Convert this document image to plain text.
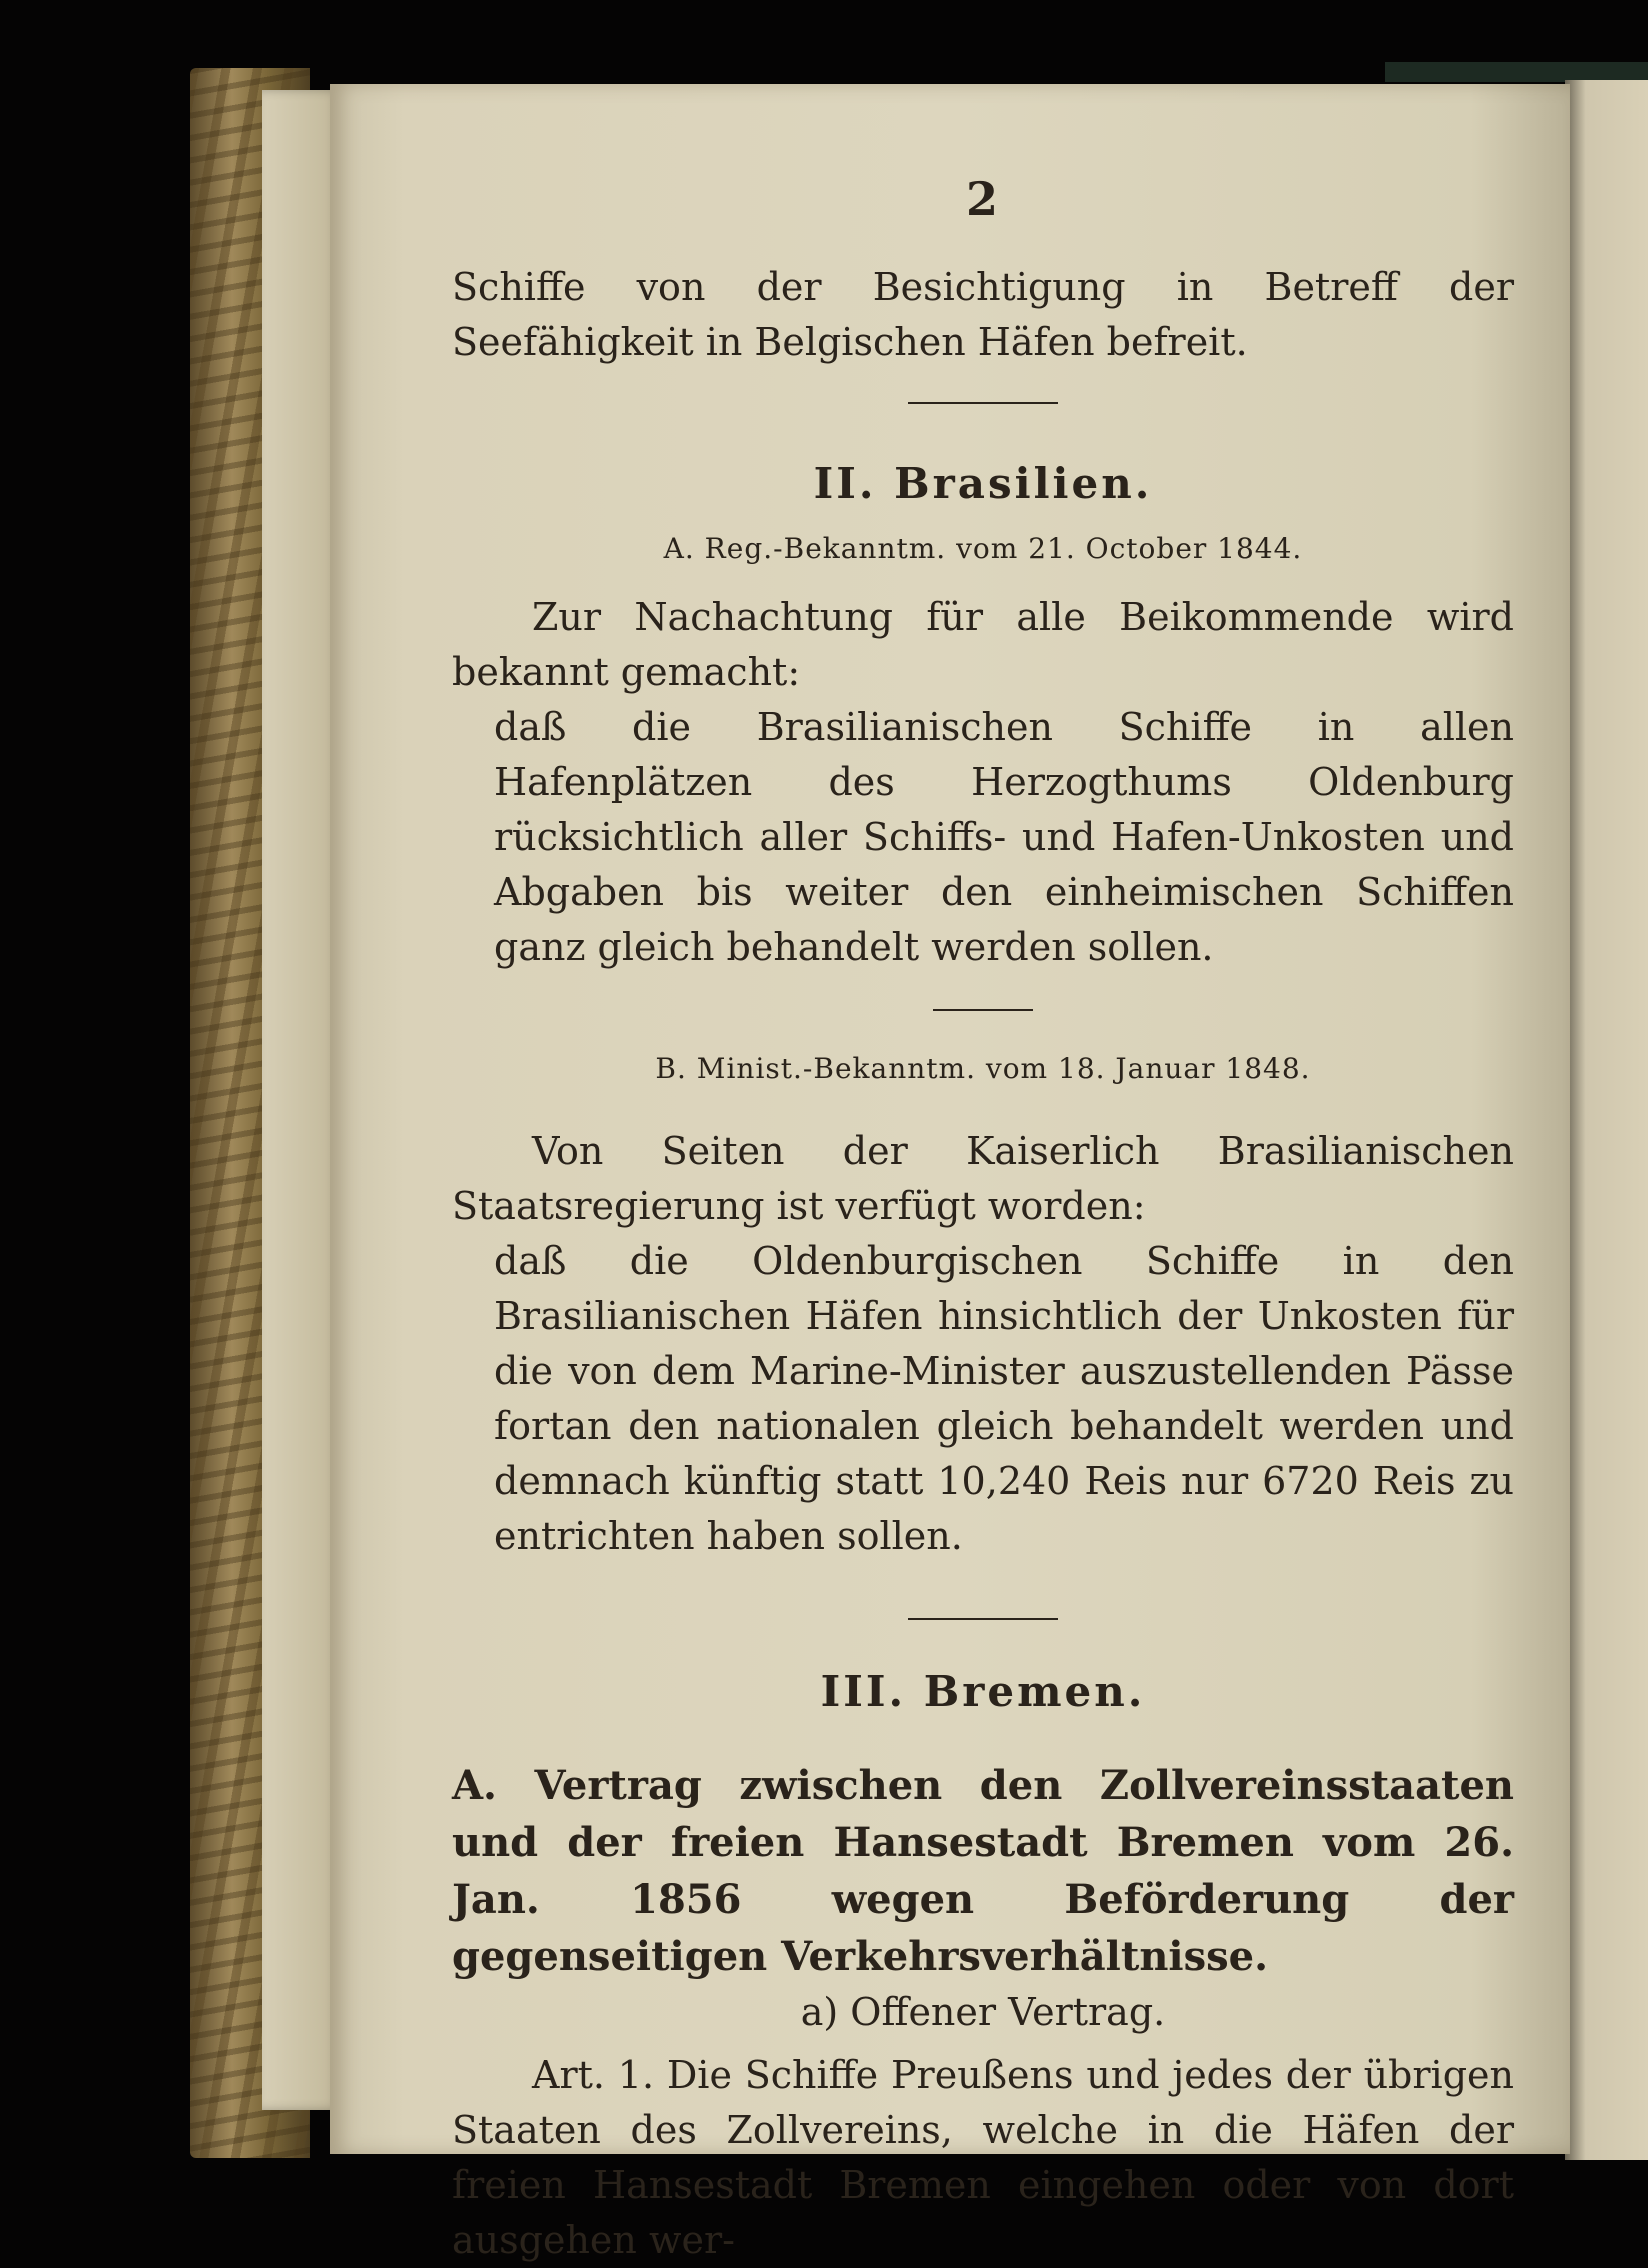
2

Schiffe von der Besichtigung in Betreff der Seefähigkeit in Belgischen Häfen befreit.

II. Brasilien.
A. Reg.-Bekanntm. vom 21. October 1844.

Zur Nachachtung für alle Beikommende wird bekannt gemacht:

daß die Brasilianischen Schiffe in allen Hafenplätzen des Herzogthums Oldenburg rücksichtlich aller Schiffs- und Hafen-Unkosten und Abgaben bis weiter den einheimischen Schiffen ganz gleich behandelt werden sollen.

B. Minist.-Bekanntm. vom 18. Januar 1848.

Von Seiten der Kaiserlich Brasilianischen Staatsregierung ist verfügt worden:

daß die Oldenburgischen Schiffe in den Brasilianischen Häfen hinsichtlich der Unkosten für die von dem Marine-Minister auszustellenden Pässe fortan den nationalen gleich behandelt werden und demnach künftig statt 10,240 Reis nur 6720 Reis zu entrichten haben sollen.

III. Bremen.

A. Vertrag zwischen den Zollvereinsstaaten und der freien Hansestadt Bremen vom 26. Jan. 1856 wegen Beförderung der gegenseitigen Verkehrsverhältnisse.

a) Offener Vertrag.

Art. 1. Die Schiffe Preußens und jedes der übrigen Staaten des Zollvereins, welche in die Häfen der freien Hansestadt Bremen eingehen oder von dort ausgehen wer-
